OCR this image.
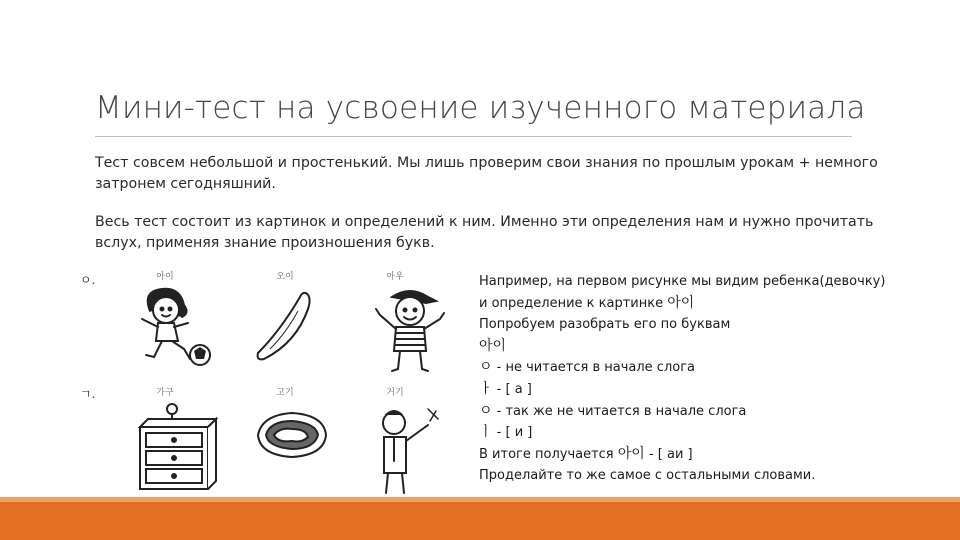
Мини-тест на усвоение изученного материала
Тест совсем небольшой и простенький. Мы лишь проверим свои знания по прошлым урокам + немного затронем сегодняшний.
Весь тест состоит из картинок и определений к ним. Именно эти определения нам и нужно прочитать вслух, применяя знание произношения букв.
ㅇ.
ㄱ.
아이	오이	아우
가구	고기	거기
Например, на первом рисунке мы видим ребенка(девочку)
и определение к картинке 아이
Попробуем разобрать его по буквам
아이
ㅇ - не читается в начале слога
ㅏ - [ а ]
ㅇ - так же не читается в начале слога
ㅣ - [ и ]
В итоге получается 아이 - [ аи ]
Проделайте то же самое с остальными словами.
